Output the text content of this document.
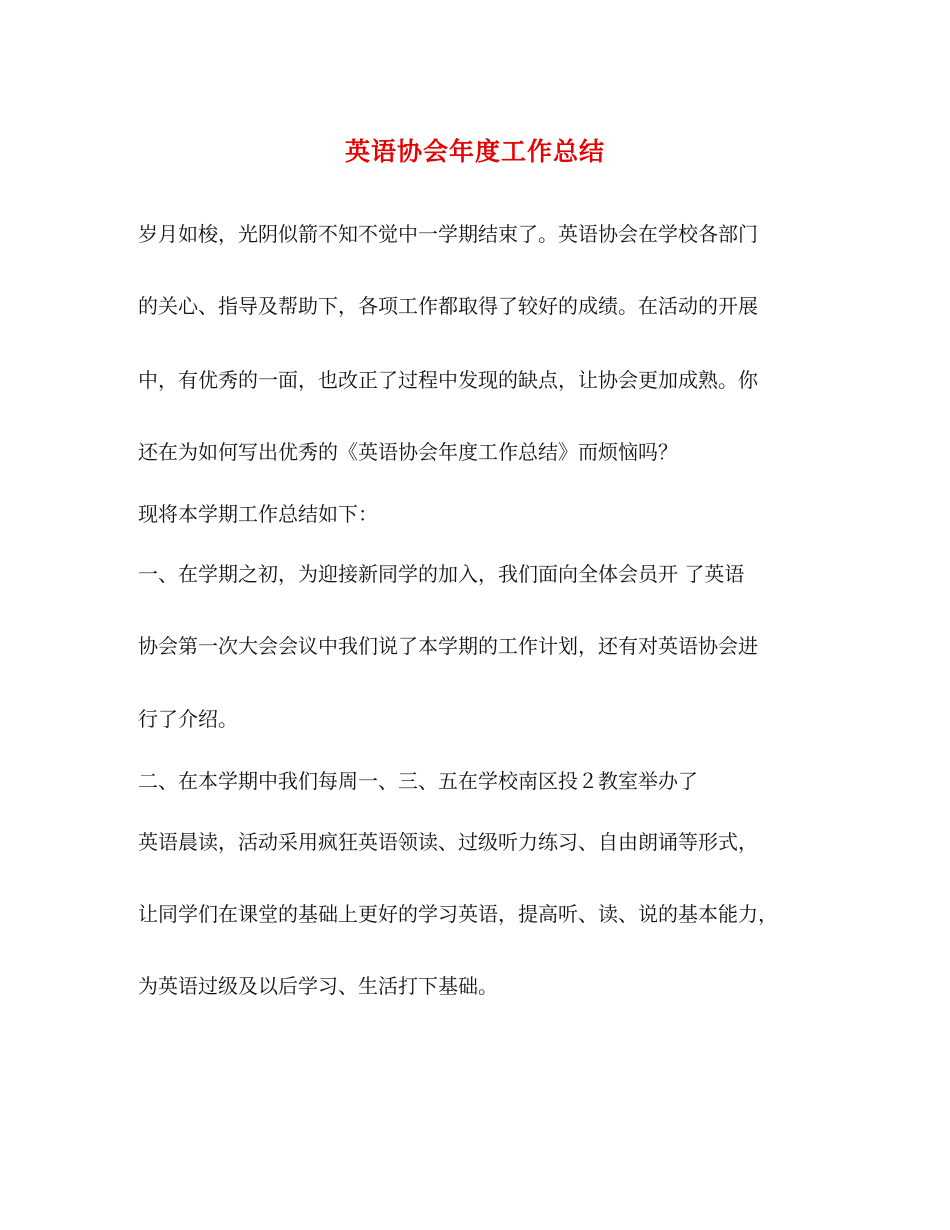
英语协会年度工作总结
岁月如梭，光阴似箭不知不觉中一学期结束了。英语协会在学校各部门
的关心、指导及帮助下，各项工作都取得了较好的成绩。在活动的开展
中，有优秀的一面，也改正了过程中发现的缺点，让协会更加成熟。你
还在为如何写出优秀的《英语协会年度工作总结》而烦恼吗？
现将本学期工作总结如下：
一、在学期之初，为迎接新同学的加入，我们面向全体会员开 了英语
协会第一次大会会议中我们说了本学期的工作计划，还有对英语协会进
行了介绍。
二、在本学期中我们每周一、三、五在学校南区投２教室举办了
英语晨读，活动采用疯狂英语领读、过级听力练习、自由朗诵等形式，
让同学们在课堂的基础上更好的学习英语，提高听、读、说的基本能力，
为英语过级及以后学习、生活打下基础。
